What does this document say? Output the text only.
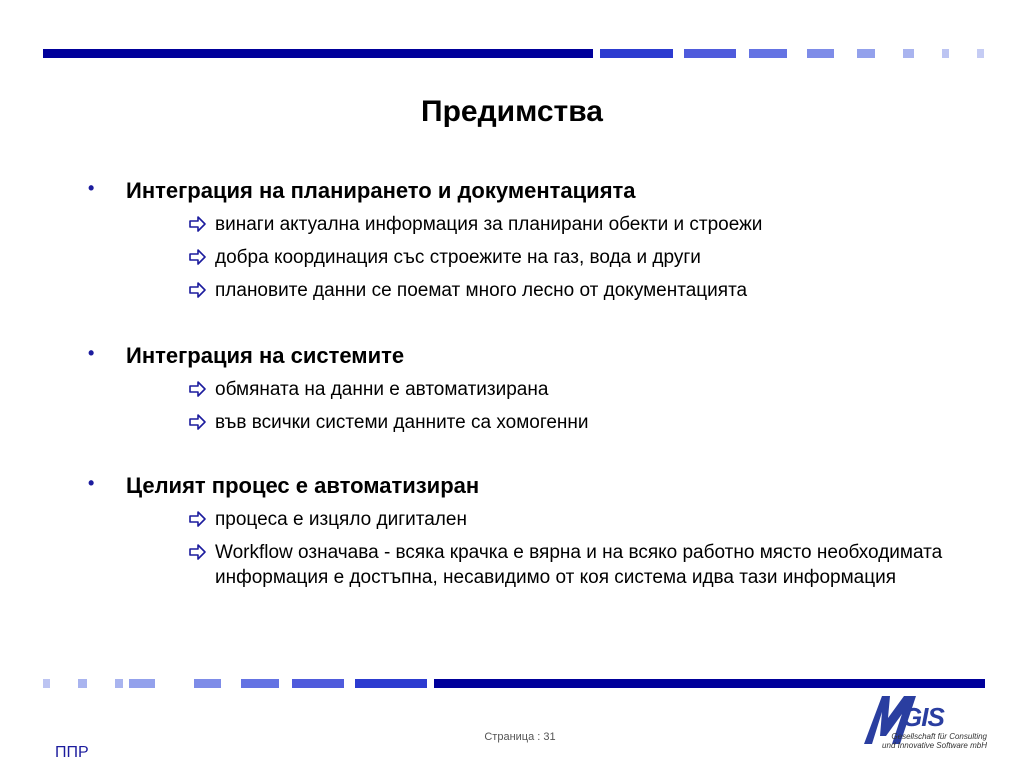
Предимства
• Интеграция на планирането и документацията
винаги актуална информация за планирани обекти и строежи
добра координация със строежите на газ, вода и други
плановите данни се поемат много лесно от документацията
• Интеграция на системите
обмяната на данни е автоматизирана
във всички системи данните са хомогенни
• Целият процес е автоматизиран
процеса е изцяло дигитален
Workflow означава - всяка крачка е вярна и на всяко работно място необходимата информация е достъпна, несавидимо от коя система идва тази информация
Страница : 31
ППР
GIS
Gesellschaft für Consulting
und Innovative Software mbH
